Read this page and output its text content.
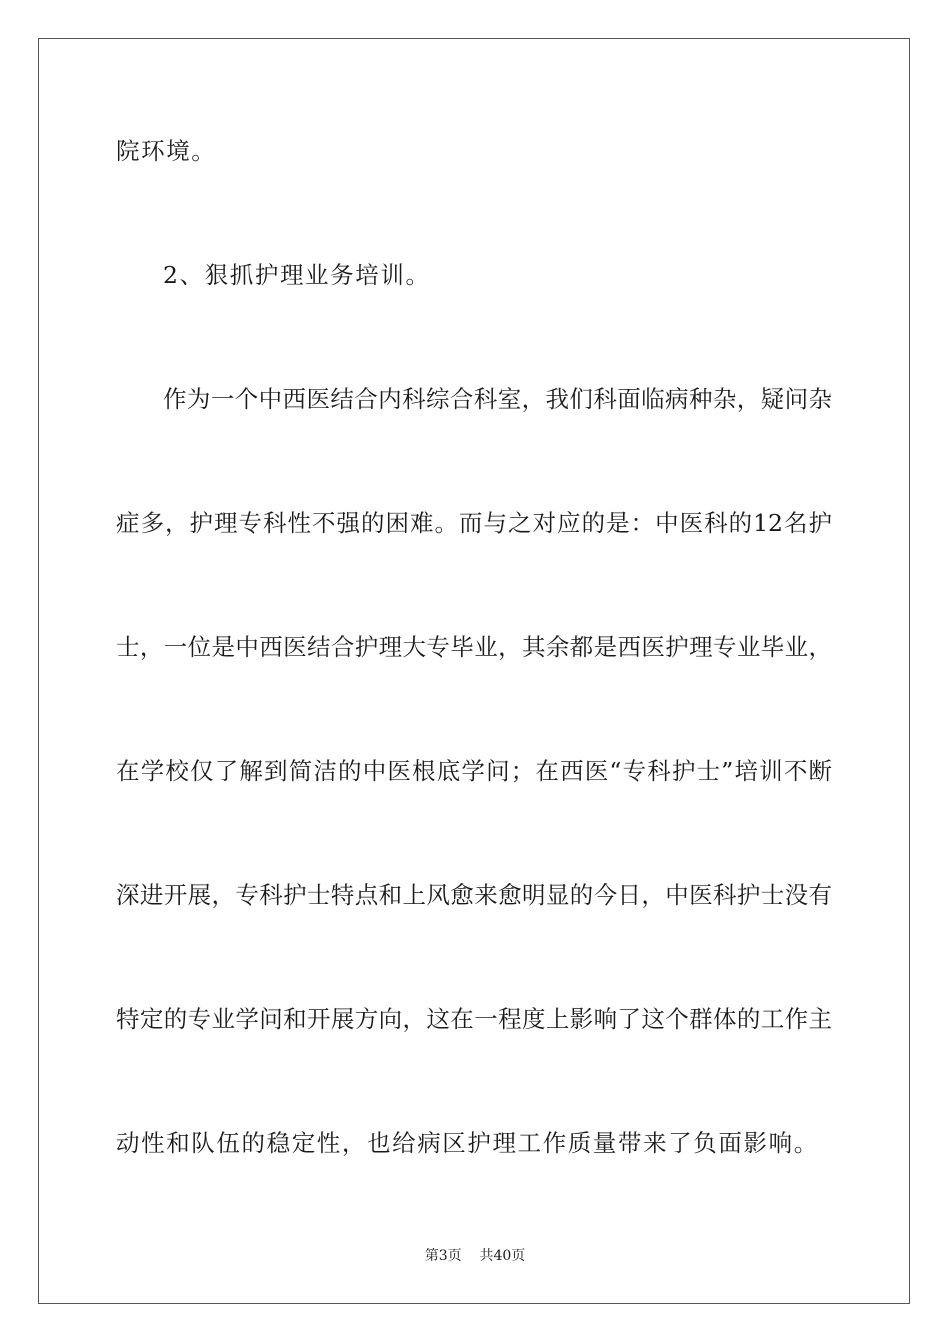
院环境。
2、狠抓护理业务培训。
作为一个中西医结合内科综合科室，我们科面临病种杂，疑问杂
症多，护理专科性不强的困难。而与之对应的是：中医科的12名护
士，一位是中西医结合护理大专毕业，其余都是西医护理专业毕业，
在学校仅了解到简洁的中医根底学问；在西医“专科护士”培训不断
深进开展，专科护士特点和上风愈来愈明显的今日，中医科护士没有
特定的专业学问和开展方向，这在一程度上影响了这个群体的工作主
动性和队伍的稳定性，也给病区护理工作质量带来了负面影响。
第3页    共40页
